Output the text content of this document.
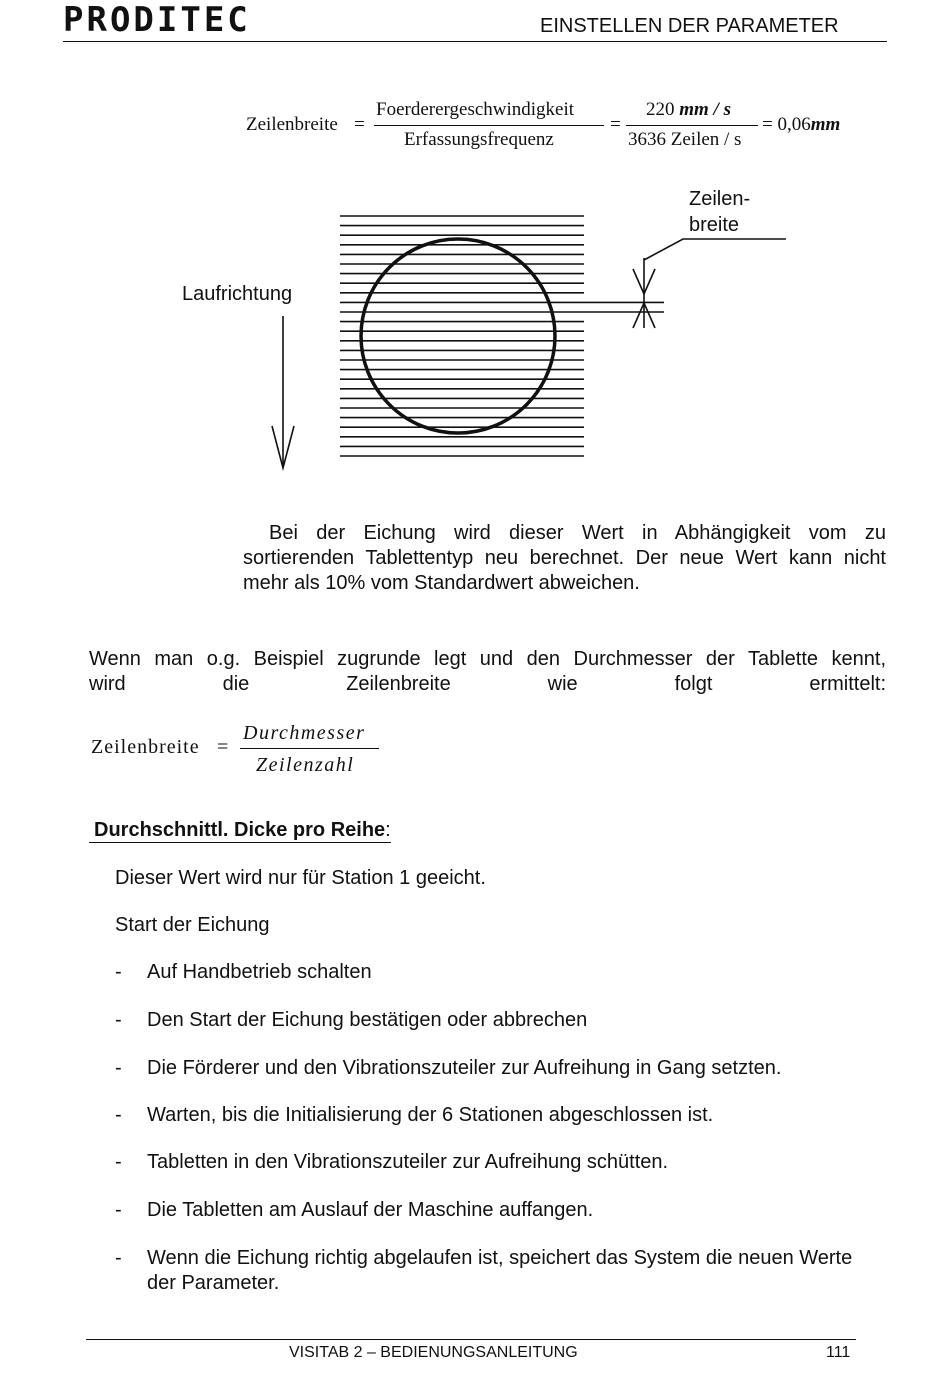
PRODITEC	EINSTELLEN DER PARAMETER
Zeilenbreite =
Foerderergeschwindigkeit
Erfassungsfrequenz
=
220 mm / s
3636 Zeilen / s
= 0,06mm
Zeilen-
breite
Laufrichtung
Bei der Eichung wird dieser Wert in Abhängigkeit vom zu sortierenden Tablettentyp neu berechnet. Der neue Wert kann nicht mehr als 10% vom Standardwert abweichen.
Wenn man o.g. Beispiel zugrunde legt und den Durchmesser der Tablette kennt,
wird die Zeilenbreite wie folgt ermittelt:
Zeilenbreite =
Durchmesser
Zeilenzahl
Durchschnittl. Dicke pro Reihe:
Dieser Wert wird nur für Station 1 geeicht.
Start der Eichung
- Auf Handbetrieb schalten
- Den Start der Eichung bestätigen oder abbrechen
- Die Förderer und den Vibrationszuteiler zur Aufreihung in Gang setzten.
- Warten, bis die Initialisierung der 6 Stationen abgeschlossen ist.
- Tabletten in den Vibrationszuteiler zur Aufreihung schütten.
- Die Tabletten am Auslauf der Maschine auffangen.
- Wenn die Eichung richtig abgelaufen ist, speichert das System die neuen Werte der Parameter.
VISITAB 2 – BEDIENUNGSANLEITUNG	111
